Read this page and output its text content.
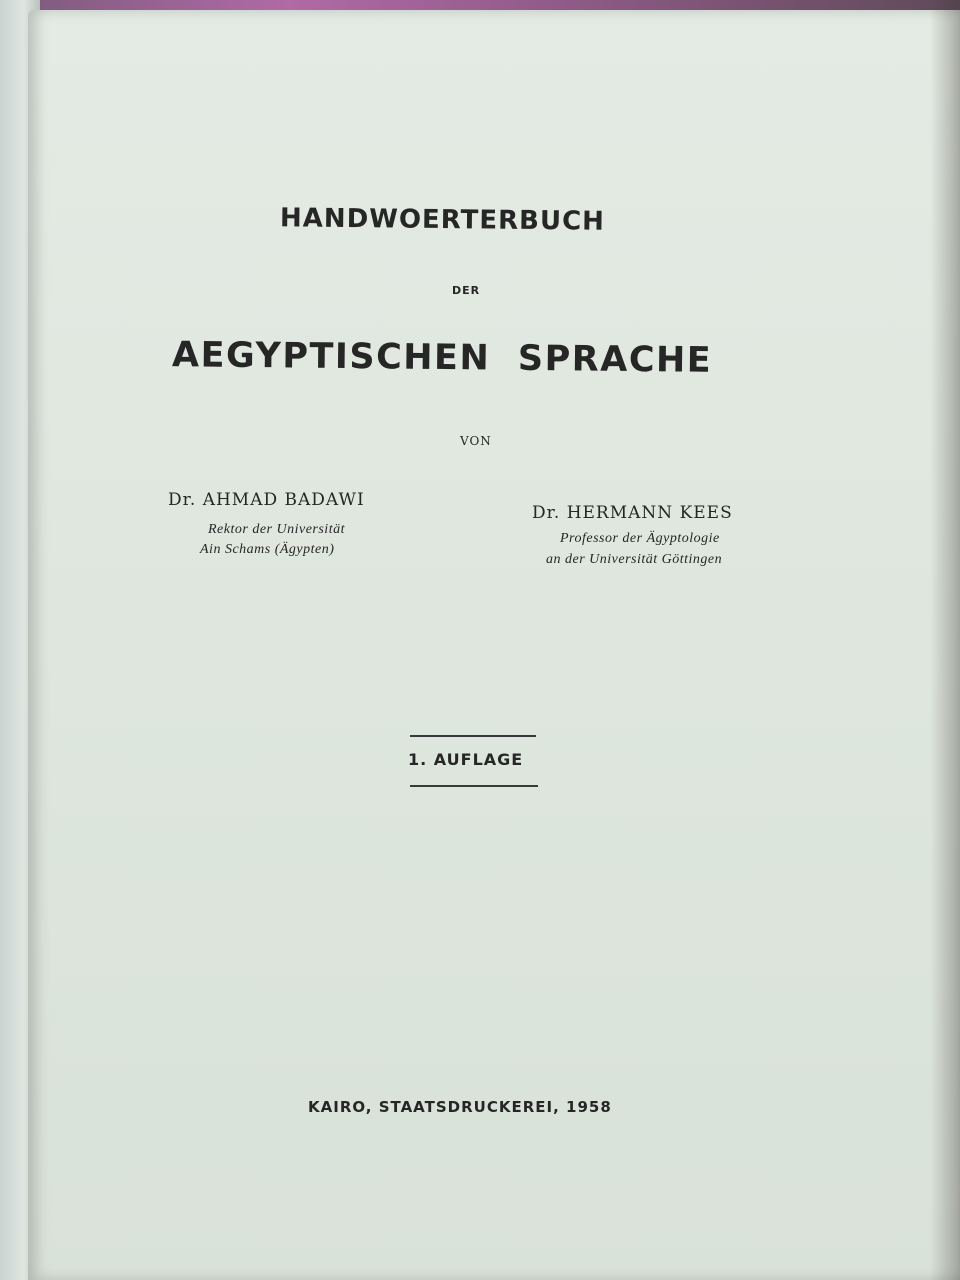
HANDWOERTERBUCH
DER
AEGYPTISCHEN SPRACHE
VON
Dr. AHMAD BADAWI
Rektor der Universität
Ain Schams (Ägypten)
Dr. HERMANN KEES
Professor der Ägyptologie
an der Universität Göttingen
1. AUFLAGE
KAIRO, STAATSDRUCKEREI, 1958
